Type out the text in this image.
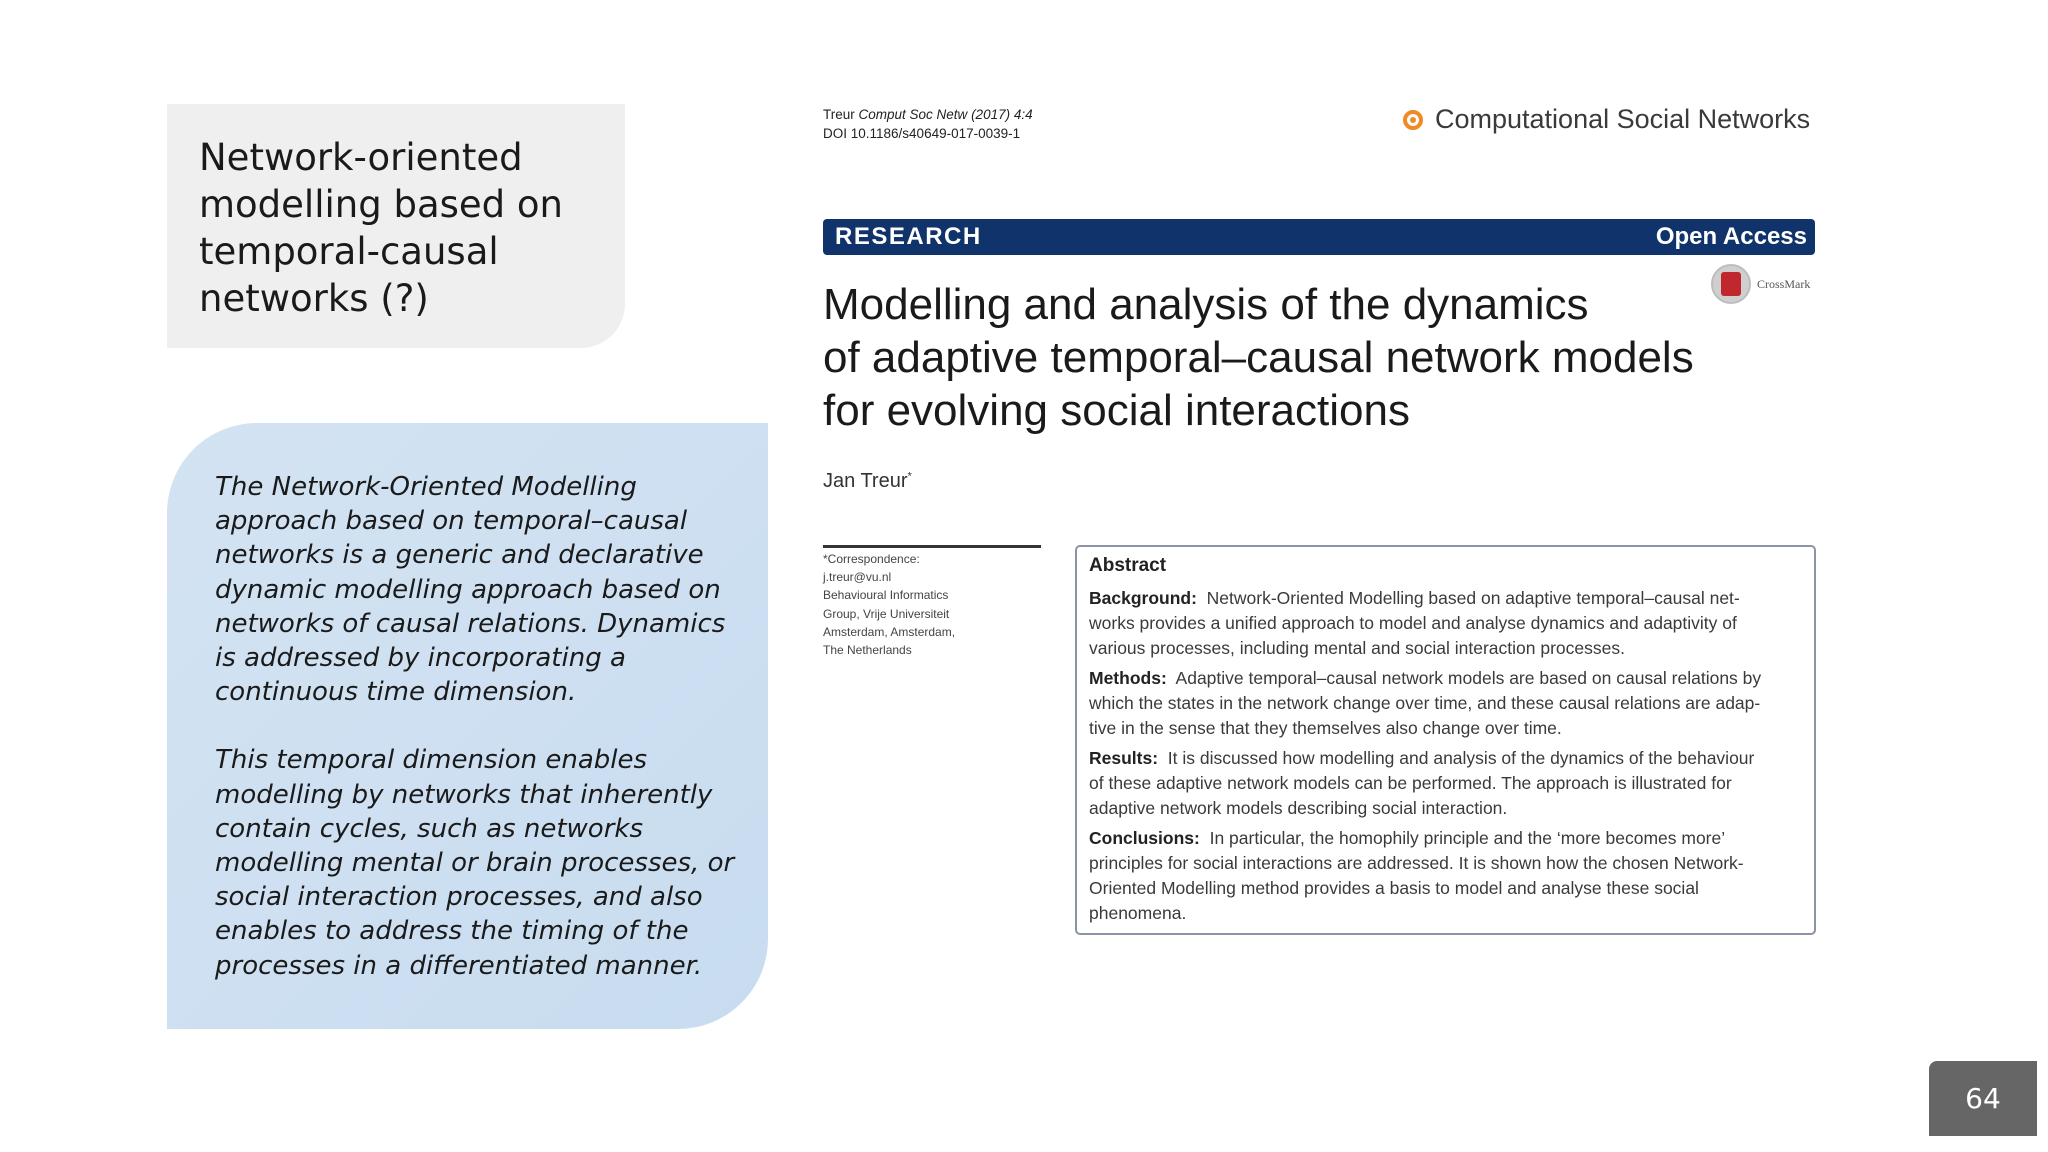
Network-oriented
modelling based on
temporal-causal
networks (?)

The Network-Oriented Modelling
approach based on temporal–causal
networks is a generic and declarative
dynamic modelling approach based on
networks of causal relations. Dynamics
is addressed by incorporating a
continuous time dimension.

This temporal dimension enables
modelling by networks that inherently
contain cycles, such as networks
modelling mental or brain processes, or
social interaction processes, and also
enables to address the timing of the
processes in a differentiated manner.

Treur Comput Soc Netw (2017) 4:4
DOI 10.1186/s40649-017-0039-1	Computational Social Networks
RESEARCH	Open Access
CrossMark
Modelling and analysis of the dynamics
of adaptive temporal–causal network models
for evolving social interactions
Jan Treur*
*Correspondence:
j.treur@vu.nl
Behavioural Informatics
Group, Vrije Universiteit
Amsterdam, Amsterdam,
The Netherlands
Abstract

Background: Network-Oriented Modelling based on adaptive temporal–causal net-
works provides a unified approach to model and analyse dynamics and adaptivity of
various processes, including mental and social interaction processes.

Methods: Adaptive temporal–causal network models are based on causal relations by
which the states in the network change over time, and these causal relations are adap-
tive in the sense that they themselves also change over time.

Results: It is discussed how modelling and analysis of the dynamics of the behaviour
of these adaptive network models can be performed. The approach is illustrated for
adaptive network models describing social interaction.

Conclusions: In particular, the homophily principle and the ‘more becomes more’
principles for social interactions are addressed. It is shown how the chosen Network-
Oriented Modelling method provides a basis to model and analyse these social
phenomena.

64
